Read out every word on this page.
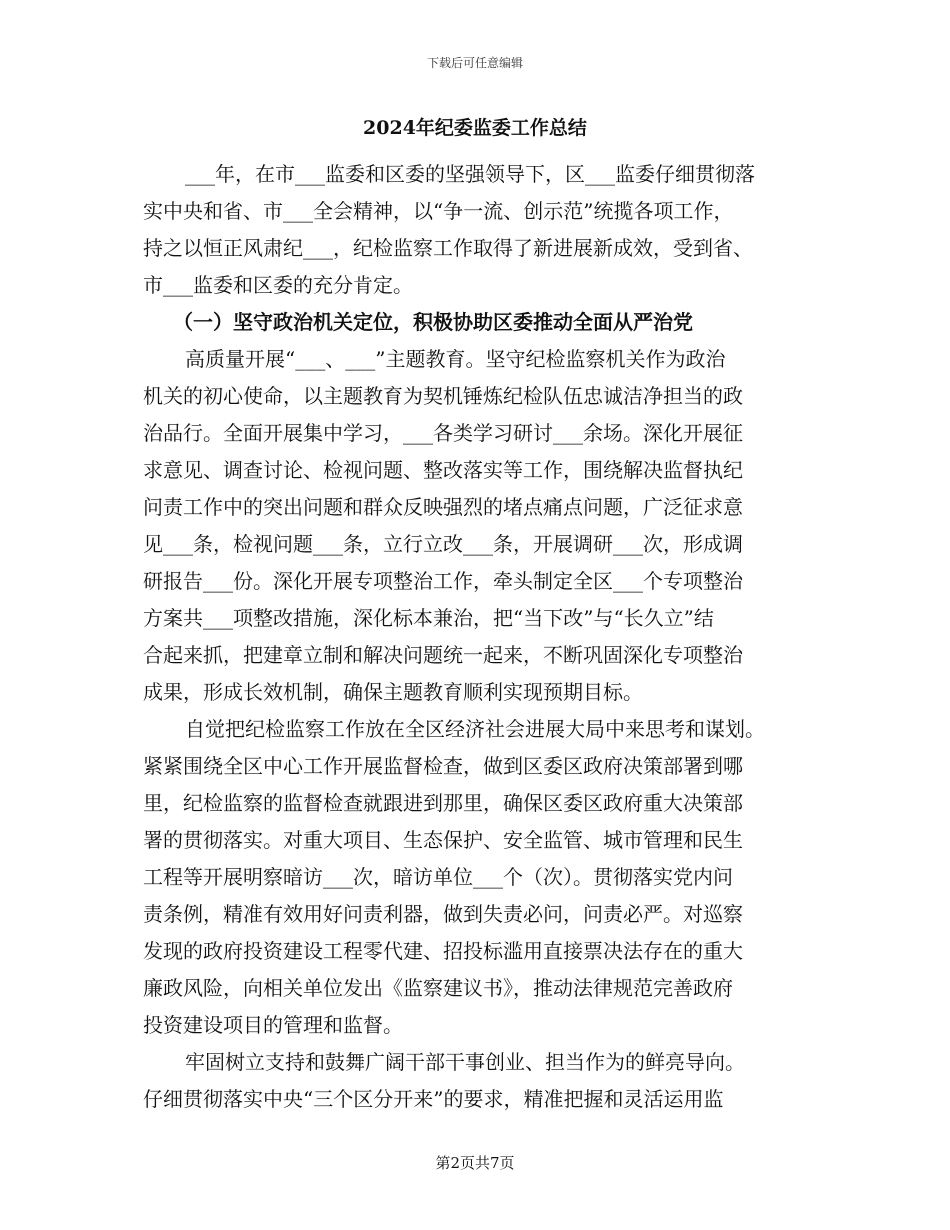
下载后可任意编辑
2024年纪委监委工作总结
___年，在市___监委和区委的坚强领导下，区___监委仔细贯彻落
实中央和省、市___全会精神，以“争一流、创示范”统揽各项工作，
持之以恒正风肃纪___，纪检监察工作取得了新进展新成效，受到省、
市___监委和区委的充分肯定。
（一）坚守政治机关定位，积极协助区委推动全面从严治党
高质量开展“___、___”主题教育。坚守纪检监察机关作为政治
机关的初心使命，以主题教育为契机锤炼纪检队伍忠诚洁净担当的政
治品行。全面开展集中学习，___各类学习研讨___余场。深化开展征
求意见、调查讨论、检视问题、整改落实等工作，围绕解决监督执纪
问责工作中的突出问题和群众反映强烈的堵点痛点问题，广泛征求意
见___条，检视问题___条，立行立改___条，开展调研___次，形成调
研报告___份。深化开展专项整治工作，牵头制定全区___个专项整治
方案共___项整改措施，深化标本兼治，把“当下改”与“长久立”结
合起来抓，把建章立制和解决问题统一起来，不断巩固深化专项整治
成果，形成长效机制，确保主题教育顺利实现预期目标。
自觉把纪检监察工作放在全区经济社会进展大局中来思考和谋划。
紧紧围绕全区中心工作开展监督检查，做到区委区政府决策部署到哪
里，纪检监察的监督检查就跟进到那里，确保区委区政府重大决策部
署的贯彻落实。对重大项目、生态保护、安全监管、城市管理和民生
工程等开展明察暗访___次，暗访单位___个（次）。贯彻落实党内问
责条例，精准有效用好问责利器，做到失责必问，问责必严。对巡察
发现的政府投资建设工程零代建、招投标滥用直接票决法存在的重大
廉政风险，向相关单位发出《监察建议书》，推动法律规范完善政府
投资建设项目的管理和监督。
牢固树立支持和鼓舞广阔干部干事创业、担当作为的鲜亮导向。
仔细贯彻落实中央“三个区分开来”的要求，精准把握和灵活运用监
第2页共7页
